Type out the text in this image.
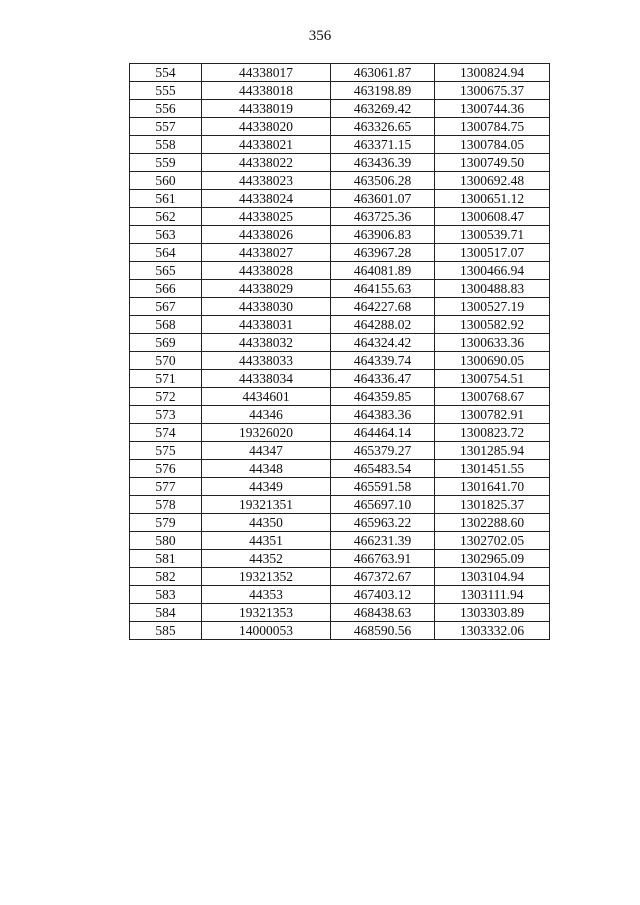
356
554	44338017	463061.87	1300824.94
555	44338018	463198.89	1300675.37
556	44338019	463269.42	1300744.36
557	44338020	463326.65	1300784.75
558	44338021	463371.15	1300784.05
559	44338022	463436.39	1300749.50
560	44338023	463506.28	1300692.48
561	44338024	463601.07	1300651.12
562	44338025	463725.36	1300608.47
563	44338026	463906.83	1300539.71
564	44338027	463967.28	1300517.07
565	44338028	464081.89	1300466.94
566	44338029	464155.63	1300488.83
567	44338030	464227.68	1300527.19
568	44338031	464288.02	1300582.92
569	44338032	464324.42	1300633.36
570	44338033	464339.74	1300690.05
571	44338034	464336.47	1300754.51
572	4434601	464359.85	1300768.67
573	44346	464383.36	1300782.91
574	19326020	464464.14	1300823.72
575	44347	465379.27	1301285.94
576	44348	465483.54	1301451.55
577	44349	465591.58	1301641.70
578	19321351	465697.10	1301825.37
579	44350	465963.22	1302288.60
580	44351	466231.39	1302702.05
581	44352	466763.91	1302965.09
582	19321352	467372.67	1303104.94
583	44353	467403.12	1303111.94
584	19321353	468438.63	1303303.89
585	14000053	468590.56	1303332.06
